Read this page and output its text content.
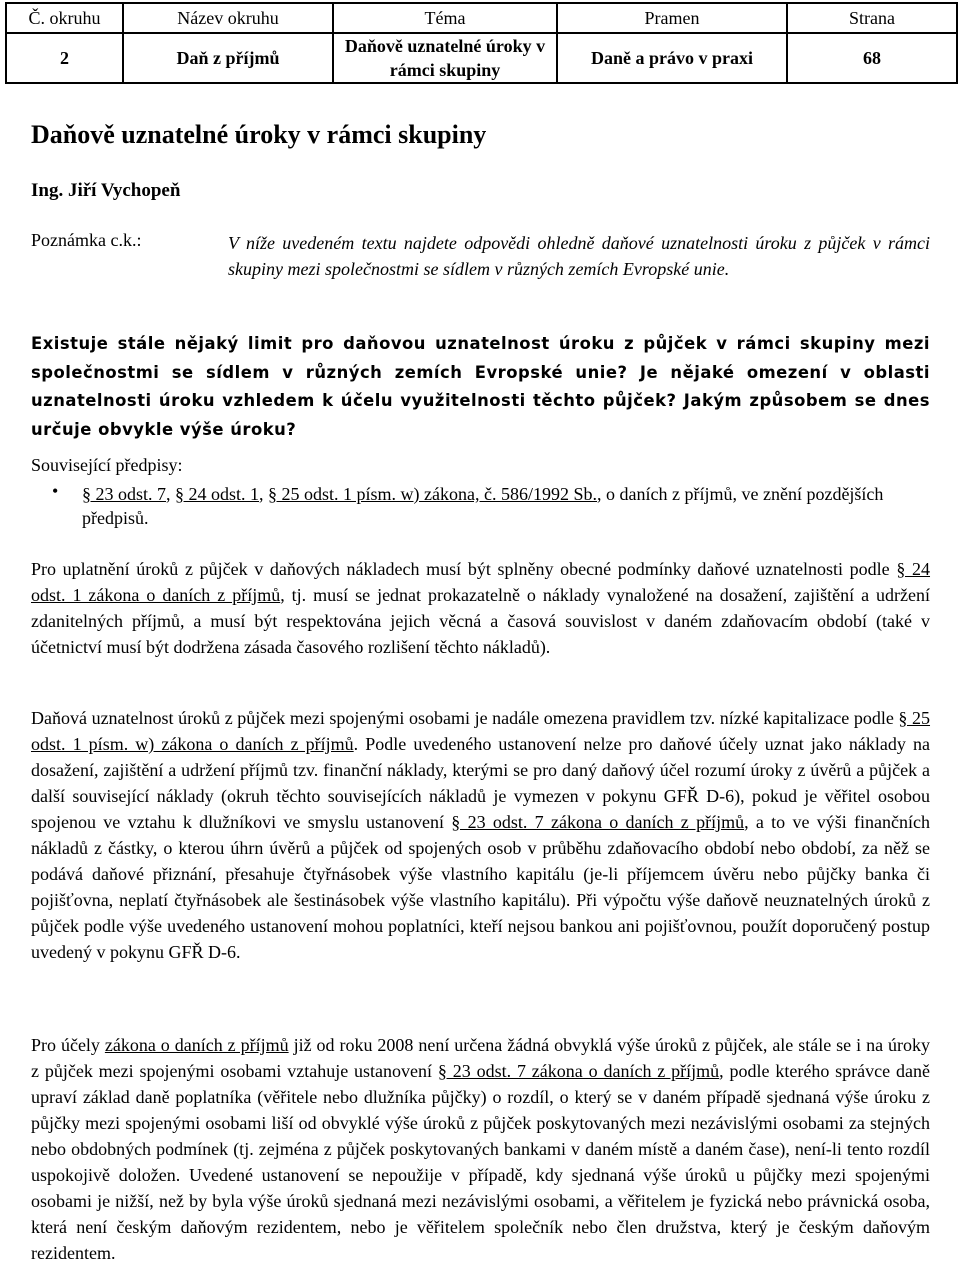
Č. okruhu	Název okruhu	Téma	Pramen	Strana
2	Daň z příjmů	Daňově uznatelné úroky v rámci skupiny	Daně a právo v praxi	68
Daňově uznatelné úroky v rámci skupiny
Ing. Jiří Vychopeň
Poznámka c.k.:	V níže uvedeném textu najdete odpovědi ohledně daňové uznatelnosti úroku z půjček v rámci skupiny mezi společnostmi se sídlem v různých zemích Evropské unie.

Existuje stále nějaký limit pro daňovou uznatelnost úroku z půjček v rámci skupiny mezi společnostmi se sídlem v různých zemích Evropské unie? Je nějaké omezení v oblasti uznatelnosti úroku vzhledem k účelu využitelnosti těchto půjček? Jakým způsobem se dnes určuje obvykle výše úroku?

Související předpisy:
• § 23 odst. 7, § 24 odst. 1, § 25 odst. 1 písm. w) zákona, č. 586/1992 Sb., o daních z příjmů, ve znění pozdějších předpisů.

Pro uplatnění úroků z půjček v daňových nákladech musí být splněny obecné podmínky daňové uznatelnosti podle § 24 odst. 1 zákona o daních z příjmů, tj. musí se jednat prokazatelně o náklady vynaložené na dosažení, zajištění a udržení zdanitelných příjmů, a musí být respektována jejich věcná a časová souvislost v daném zdaňovacím období (také v účetnictví musí být dodržena zásada časového rozlišení těchto nákladů).

Daňová uznatelnost úroků z půjček mezi spojenými osobami je nadále omezena pravidlem tzv. nízké kapitalizace podle § 25 odst. 1 písm. w) zákona o daních z příjmů. Podle uvedeného ustanovení nelze pro daňové účely uznat jako náklady na dosažení, zajištění a udržení příjmů tzv. finanční náklady, kterými se pro daný daňový účel rozumí úroky z úvěrů a půjček a další související náklady (okruh těchto souvisejících nákladů je vymezen v pokynu GFŘ D-6), pokud je věřitel osobou spojenou ve vztahu k dlužníkovi ve smyslu ustanovení § 23 odst. 7 zákona o daních z příjmů, a to ve výši finančních nákladů z částky, o kterou úhrn úvěrů a půjček od spojených osob v průběhu zdaňovacího období nebo období, za něž se podává daňové přiznání, přesahuje čtyřnásobek výše vlastního kapitálu (je-li příjemcem úvěru nebo půjčky banka či pojišťovna, neplatí čtyřnásobek ale šestinásobek výše vlastního kapitálu). Při výpočtu výše daňově neuznatelných úroků z půjček podle výše uvedeného ustanovení mohou poplatníci, kteří nejsou bankou ani pojišťovnou, použít doporučený postup uvedený v pokynu GFŘ D-6.

Pro účely zákona o daních z příjmů již od roku 2008 není určena žádná obvyklá výše úroků z půjček, ale stále se i na úroky z půjček mezi spojenými osobami vztahuje ustanovení § 23 odst. 7 zákona o daních z příjmů, podle kterého správce daně upraví základ daně poplatníka (věřitele nebo dlužníka půjčky) o rozdíl, o který se v daném případě sjednaná výše úroku z půjčky mezi spojenými osobami liší od obvyklé výše úroků z půjček poskytovaných mezi nezávislými osobami za stejných nebo obdobných podmínek (tj. zejména z půjček poskytovaných bankami v daném místě a daném čase), není-li tento rozdíl uspokojivě doložen. Uvedené ustanovení se nepoužije v případě, kdy sjednaná výše úroků u půjčky mezi spojenými osobami je nižší, než by byla výše úroků sjednaná mezi nezávislými osobami, a věřitelem je fyzická nebo právnická osoba, která není českým daňovým rezidentem, nebo je věřitelem společník nebo člen družstva, který je českým daňovým rezidentem.
